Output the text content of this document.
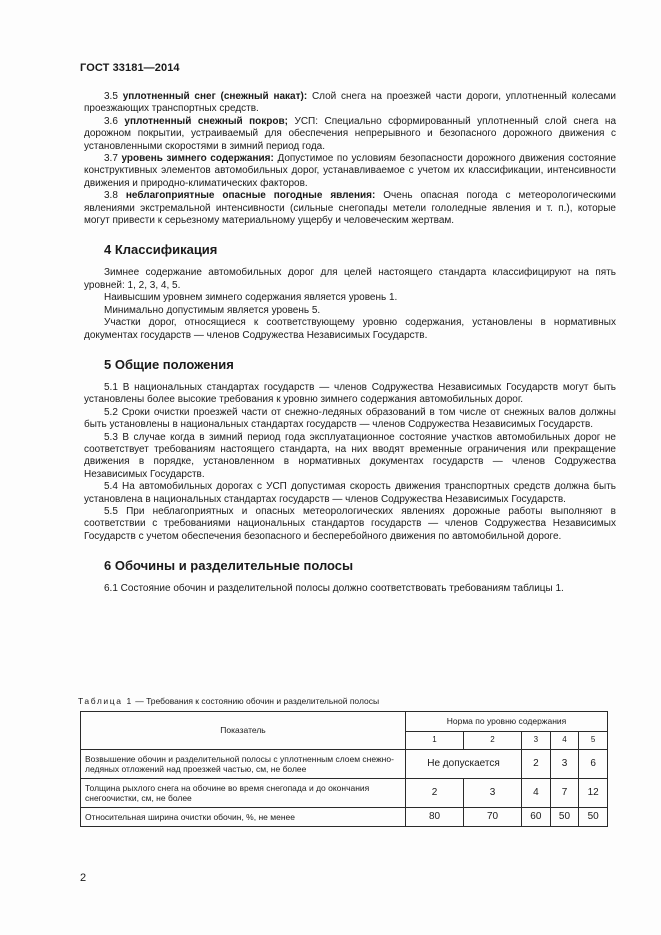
ГОСТ 33181—2014

3.5 уплотненный снег (снежный накат): Слой снега на проезжей части дороги, уплотненный колесами проезжающих транспортных средств.

3.6 уплотненный снежный покров; УСП: Специально сформированный уплотненный слой снега на дорожном покрытии, устраиваемый для обеспечения непрерывного и безопасного дорожного движения с установленными скоростями в зимний период года.

3.7 уровень зимнего содержания: Допустимое по условиям безопасности дорожного движения состояние конструктивных элементов автомобильных дорог, устанавливаемое с учетом их классификации, интенсивности движения и природно-климатических факторов.

3.8 неблагоприятные опасные погодные явления: Очень опасная погода с метеорологическими явлениями экстремальной интенсивности (сильные снегопады метели гололедные явления и т. п.), которые могут привести к серьезному материальному ущербу и человеческим жертвам.

4 Классификация

Зимнее содержание автомобильных дорог для целей настоящего стандарта классифицируют на пять уровней: 1, 2, 3, 4, 5.

Наивысшим уровнем зимнего содержания является уровень 1.

Минимально допустимым является уровень 5.

Участки дорог, относящиеся к соответствующему уровню содержания, установлены в нормативных документах государств — членов Содружества Независимых Государств.

5 Общие положения

5.1 В национальных стандартах государств — членов Содружества Независимых Государств могут быть установлены более высокие требования к уровню зимнего содержания автомобильных дорог.

5.2 Сроки очистки проезжей части от снежно-ледяных образований в том числе от снежных валов должны быть установлены в национальных стандартах государств — членов Содружества Независимых Государств.

5.3 В случае когда в зимний период года эксплуатационное состояние участков автомобильных дорог не соответствует требованиям настоящего стандарта, на них вводят временные ограничения или прекращение движения в порядке, установленном в нормативных документах государств — членов Содружества Независимых Государств.

5.4 На автомобильных дорогах с УСП допустимая скорость движения транспортных средств должна быть установлена в национальных стандартах государств — членов Содружества Независимых Государств.

5.5 При неблагоприятных и опасных метеорологических явлениях дорожные работы выполняют в соответствии с требованиями национальных стандартов государств — членов Содружества Независимых Государств с учетом обеспечения безопасного и бесперебойного движения по автомобильной дороге.

6 Обочины и разделительные полосы

6.1 Состояние обочин и разделительной полосы должно соответствовать требованиям таблицы 1.

Таблица 1 — Требования к состоянию обочин и разделительной полосы
Показатель	Норма по уровню содержания				
	1	2	3	4	5
Возвышение обочин и разделительной полосы с уплотненным слоем снежно-ледяных отложений над проезжей частью, см, не более	Не допускается		2	3	6
Толщина рыхлого снега на обочине во время снегопада и до окончания снегоочистки, см, не более	2	3	4	7	12
Относительная ширина очистки обочин, %, не менее	80	70	60	50	50
2
